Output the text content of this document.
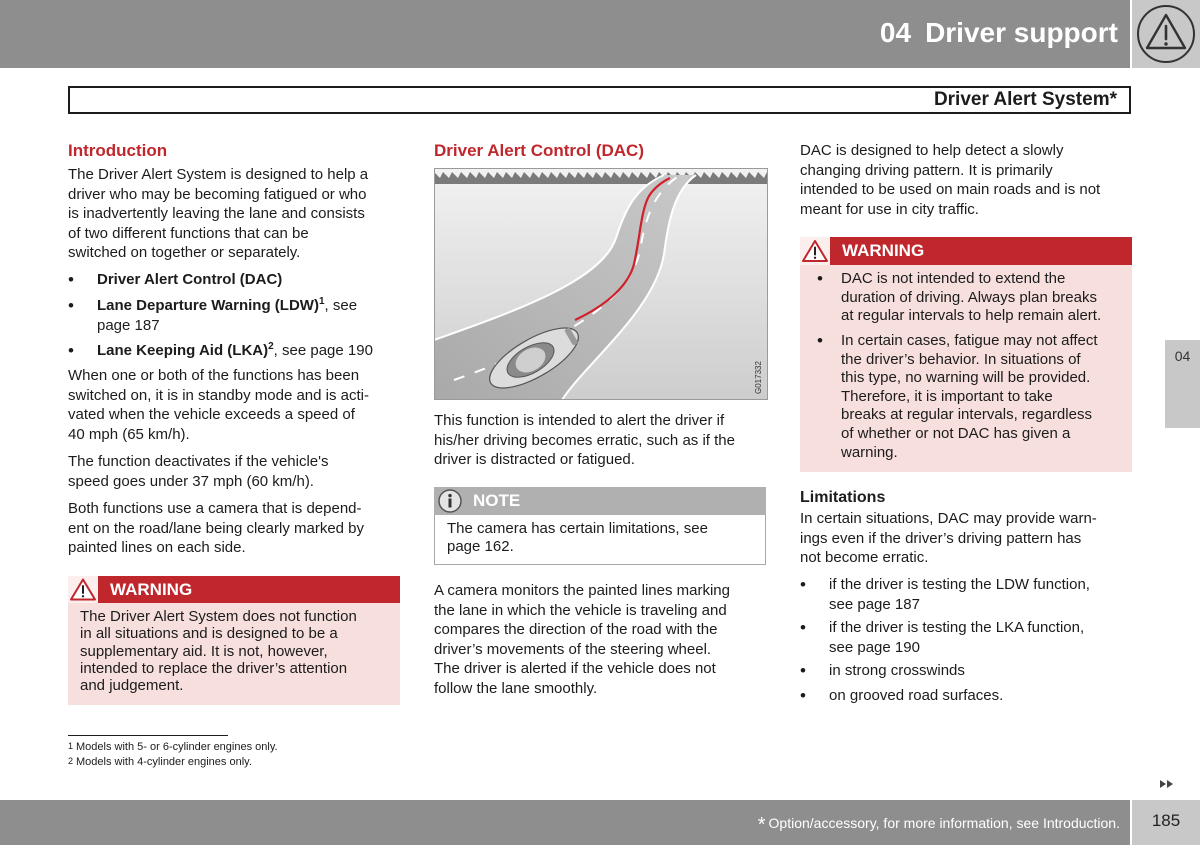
04 Driver support
Driver Alert System*
04
Introduction
The Driver Alert System is designed to help a
driver who may be becoming fatigued or who
is inadvertently leaving the lane and consists
of two different functions that can be
switched on together or separately.
• Driver Alert Control (DAC)
• Lane Departure Warning (LDW)$^1$, see
page 187
• Lane Keeping Aid (LKA)$^2$, see page 190
When one or both of the functions has been
switched on, it is in standby mode and is acti-
vated when the vehicle exceeds a speed of
40 mph (65 km/h).
The function deactivates if the vehicle's
speed goes under 37 mph (60 km/h).
Both functions use a camera that is depend-
ent on the road/lane being clearly marked by
painted lines on each side.
WARNING
The Driver Alert System does not function
in all situations and is designed to be a
supplementary aid. It is not, however,
intended to replace the driver’s attention
and judgement.
Driver Alert Control (DAC)
G017332
This function is intended to alert the driver if
his/her driving becomes erratic, such as if the
driver is distracted or fatigued.
NOTE
The camera has certain limitations, see
page 162.
A camera monitors the painted lines marking
the lane in which the vehicle is traveling and
compares the direction of the road with the
driver’s movements of the steering wheel.
The driver is alerted if the vehicle does not
follow the lane smoothly.
DAC is designed to help detect a slowly
changing driving pattern. It is primarily
intended to be used on main roads and is not
meant for use in city traffic.
WARNING
• DAC is not intended to extend the
duration of driving. Always plan breaks
at regular intervals to help remain alert.
• In certain cases, fatigue may not affect
the driver’s behavior. In situations of
this type, no warning will be provided.
Therefore, it is important to take
breaks at regular intervals, regardless
of whether or not DAC has given a
warning.
Limitations
In certain situations, DAC may provide warn-
ings even if the driver’s driving pattern has
not become erratic.
• if the driver is testing the LDW function,
see page 187
• if the driver is testing the LKA function,
see page 190
• in strong crosswinds
• on grooved road surfaces.
1 Models with 5- or 6-cylinder engines only.
2 Models with 4-cylinder engines only.
* Option/accessory, for more information, see Introduction.	185
